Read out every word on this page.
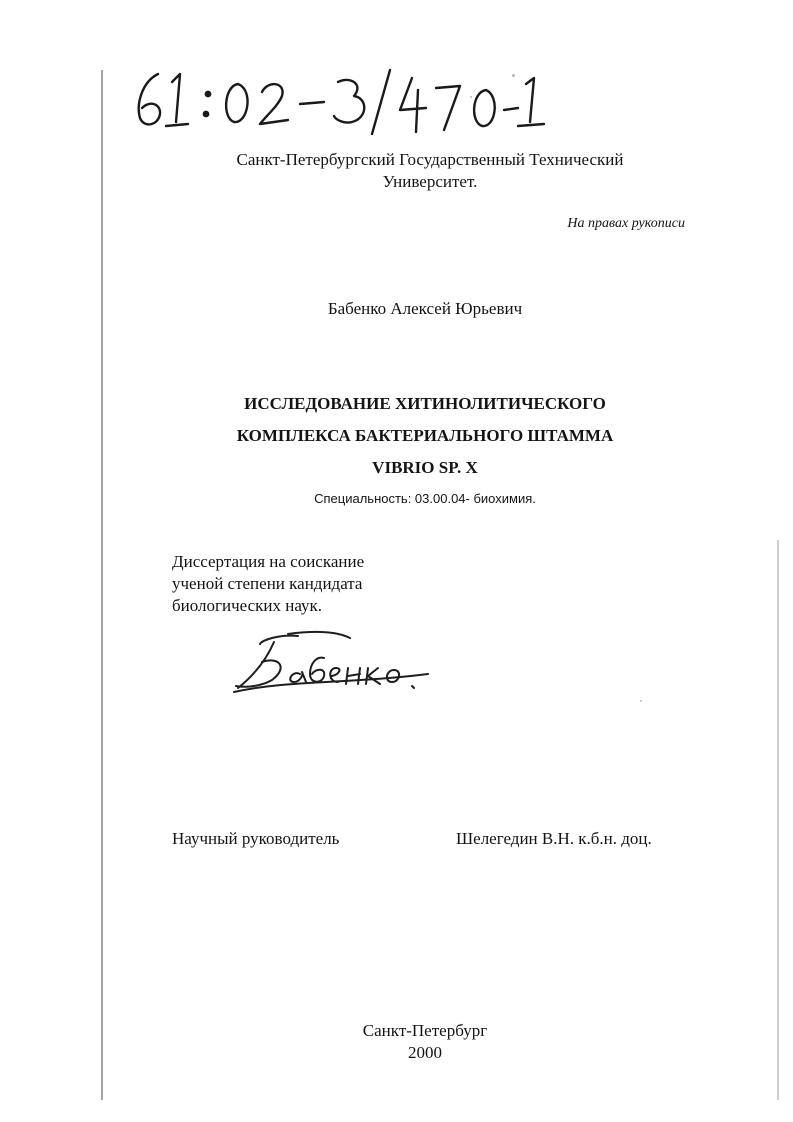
Санкт-Петербургский Государственный Технический
Университет.
На правах рукописи
Бабенко Алексей Юрьевич
ИССЛЕДОВАНИЕ ХИТИНОЛИТИЧЕСКОГО
КОМПЛЕКСА БАКТЕРИАЛЬНОГО ШТАММА
VIBRIO SP. X
Специальность: 03.00.04- биохимия.
Диссертация на соискание
ученой степени кандидата
биологических наук.
Научный руководитель	Шелегедин В.Н. к.б.н. доц.
Санкт-Петербург
2000
